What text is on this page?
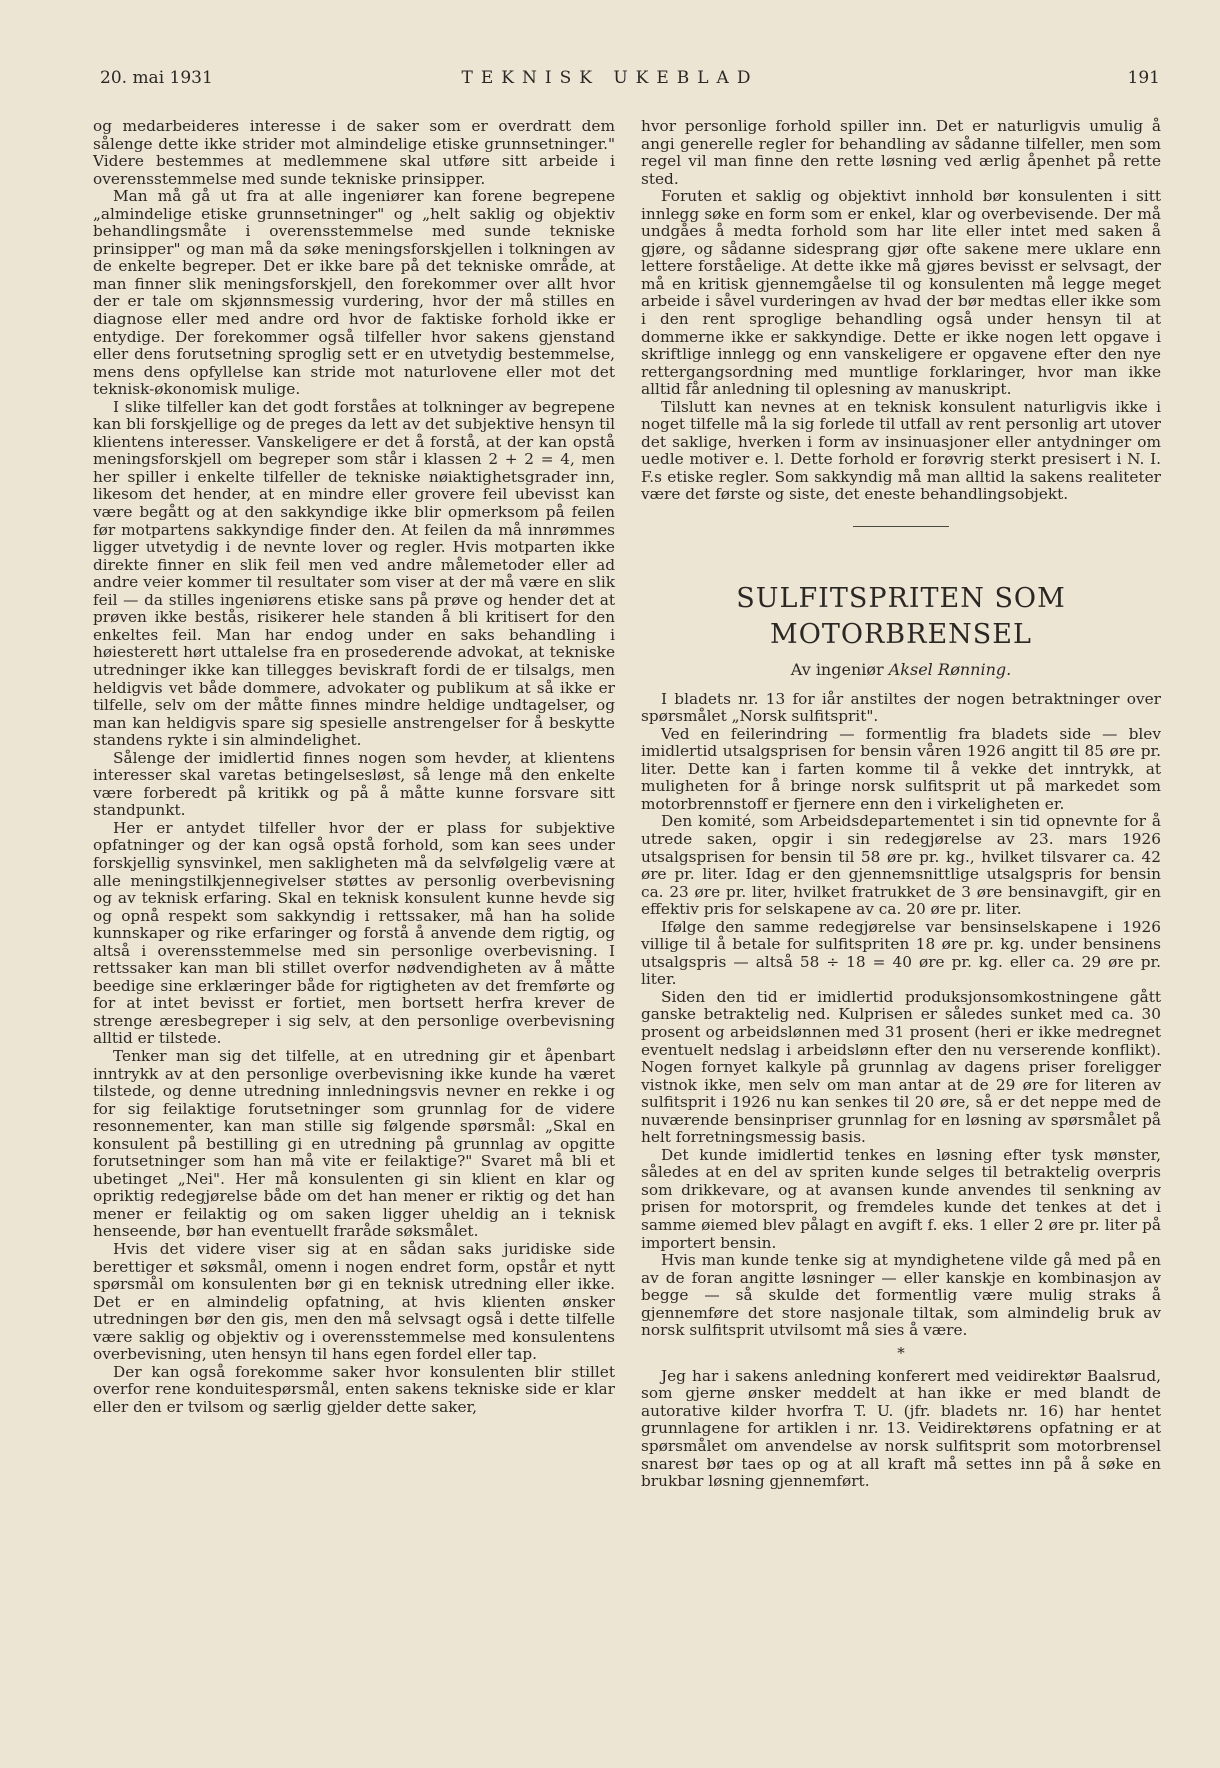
20. mai 1931	TEKNISK UKEBLAD	191

og medarbeideres interesse i de saker som er overdratt dem sålenge dette ikke strider mot almindelige etiske grunnsetninger." Videre bestemmes at medlemmene skal utføre sitt arbeide i overensstemmelse med sunde tekniske prinsipper.

Man må gå ut fra at alle ingeniører kan forene begrepene „almindelige etiske grunnsetninger" og „helt saklig og objektiv behandlingsmåte i overensstemmelse med sunde tekniske prinsipper" og man må da søke meningsforskjellen i tolkningen av de enkelte begreper. Det er ikke bare på det tekniske område, at man finner slik meningsforskjell, den forekommer over allt hvor der er tale om skjønnsmessig vurdering, hvor der må stilles en diagnose eller med andre ord hvor de faktiske forhold ikke er entydige. Der forekommer også tilfeller hvor sakens gjenstand eller dens forutsetning sproglig sett er en utvetydig bestemmelse, mens dens opfyllelse kan stride mot naturlovene eller mot det teknisk-økonomisk mulige.

I slike tilfeller kan det godt forståes at tolkninger av begrepene kan bli forskjellige og de preges da lett av det subjektive hensyn til klientens interesser. Vanskeligere er det å forstå, at der kan opstå meningsforskjell om begreper som står i klassen 2 + 2 = 4, men her spiller i enkelte tilfeller de tekniske nøiaktighetsgrader inn, likesom det hender, at en mindre eller grovere feil ubevisst kan være begått og at den sakkyndige ikke blir opmerksom på feilen før motpartens sakkyndige finder den. At feilen da må innrømmes ligger utvetydig i de nevnte lover og regler. Hvis motparten ikke direkte finner en slik feil men ved andre målemetoder eller ad andre veier kommer til resultater som viser at der må være en slik feil — da stilles ingeniørens etiske sans på prøve og hender det at prøven ikke bestås, risikerer hele standen å bli kritisert for den enkeltes feil. Man har endog under en saks behandling i høiesterett hørt uttalelse fra en prosederende advokat, at tekniske utredninger ikke kan tillegges beviskraft fordi de er tilsalgs, men heldigvis vet både dommere, advokater og publikum at så ikke er tilfelle, selv om der måtte finnes mindre heldige undtagelser, og man kan heldigvis spare sig spesielle anstrengelser for å beskytte standens rykte i sin almindelighet.

Sålenge der imidlertid finnes nogen som hevder, at klientens interesser skal varetas betingelsesløst, så lenge må den enkelte være forberedt på kritikk og på å måtte kunne forsvare sitt standpunkt.

Her er antydet tilfeller hvor der er plass for subjektive opfatninger og der kan også opstå forhold, som kan sees under forskjellig synsvinkel, men sakligheten må da selvfølgelig være at alle meningstilkjennegivelser støttes av personlig overbevisning og av teknisk erfaring. Skal en teknisk konsulent kunne hevde sig og opnå respekt som sakkyndig i rettssaker, må han ha solide kunnskaper og rike erfaringer og forstå å anvende dem rigtig, og altså i overensstemmelse med sin personlige overbevisning. I rettssaker kan man bli stillet overfor nødvendigheten av å måtte beedige sine erklæringer både for rigtigheten av det fremførte og for at intet bevisst er fortiet, men bortsett herfra krever de strenge æresbegreper i sig selv, at den personlige overbevisning alltid er tilstede.

Tenker man sig det tilfelle, at en utredning gir et åpenbart inntrykk av at den personlige overbevisning ikke kunde ha været tilstede, og denne utredning innledningsvis nevner en rekke i og for sig feilaktige forutsetninger som grunnlag for de videre resonnementer, kan man stille sig følgende spørsmål: „Skal en konsulent på bestilling gi en utredning på grunnlag av opgitte forutsetninger som han må vite er feilaktige?" Svaret må bli et ubetinget „Nei". Her må konsulenten gi sin klient en klar og opriktig redegjørelse både om det han mener er riktig og det han mener er feilaktig og om saken ligger uheldig an i teknisk henseende, bør han eventuellt fraråde søksmålet.

Hvis det videre viser sig at en sådan saks juridiske side berettiger et søksmål, omenn i nogen endret form, opstår et nytt spørsmål om konsulenten bør gi en teknisk utredning eller ikke. Det er en almindelig opfatning, at hvis klienten ønsker utredningen bør den gis, men den må selvsagt også i dette tilfelle være saklig og objektiv og i overensstemmelse med konsulentens overbevisning, uten hensyn til hans egen fordel eller tap.

Der kan også forekomme saker hvor konsulenten blir stillet overfor rene konduitespørsmål, enten sakens tekniske side er klar eller den er tvilsom og særlig gjelder dette saker,

hvor personlige forhold spiller inn. Det er naturligvis umulig å angi generelle regler for behandling av sådanne tilfeller, men som regel vil man finne den rette løsning ved ærlig åpenhet på rette sted.

Foruten et saklig og objektivt innhold bør konsulenten i sitt innlegg søke en form som er enkel, klar og overbevisende. Der må undgåes å medta forhold som har lite eller intet med saken å gjøre, og sådanne sidesprang gjør ofte sakene mere uklare enn lettere forståelige. At dette ikke må gjøres bevisst er selvsagt, der må en kritisk gjennemgåelse til og konsulenten må legge meget arbeide i såvel vurderingen av hvad der bør medtas eller ikke som i den rent sproglige behandling også under hensyn til at dommerne ikke er sakkyndige. Dette er ikke nogen lett opgave i skriftlige innlegg og enn vanskeligere er opgavene efter den nye rettergangsordning med muntlige forklaringer, hvor man ikke alltid får anledning til oplesning av manuskript.

Tilslutt kan nevnes at en teknisk konsulent naturligvis ikke i noget tilfelle må la sig forlede til utfall av rent personlig art utover det saklige, hverken i form av insinuasjoner eller antydninger om uedle motiver e. l. Dette forhold er forøvrig sterkt presisert i N. I. F.s etiske regler. Som sakkyndig må man alltid la sakens realiteter være det første og siste, det eneste behandlingsobjekt.

SULFITSPRITEN SOM MOTORBRENSEL
Av ingeniør Aksel Rønning.

I bladets nr. 13 for iår anstiltes der nogen betraktninger over spørsmålet „Norsk sulfitsprit".

Ved en feilerindring — formentlig fra bladets side — blev imidlertid utsalgsprisen for bensin våren 1926 angitt til 85 øre pr. liter. Dette kan i farten komme til å vekke det inntrykk, at muligheten for å bringe norsk sulfitsprit ut på markedet som motorbrennstoff er fjernere enn den i virkeligheten er.

Den komité, som Arbeidsdepartementet i sin tid opnevnte for å utrede saken, opgir i sin redegjørelse av 23. mars 1926 utsalgsprisen for bensin til 58 øre pr. kg., hvilket tilsvarer ca. 42 øre pr. liter. Idag er den gjennemsnittlige utsalgspris for bensin ca. 23 øre pr. liter, hvilket fratrukket de 3 øre bensinavgift, gir en effektiv pris for selskapene av ca. 20 øre pr. liter.

Ifølge den samme redegjørelse var bensinselskapene i 1926 villige til å betale for sulfitspriten 18 øre pr. kg. under bensinens utsalgspris — altså 58 ÷ 18 = 40 øre pr. kg. eller ca. 29 øre pr. liter.

Siden den tid er imidlertid produksjonsomkostningene gått ganske betraktelig ned. Kulprisen er således sunket med ca. 30 prosent og arbeidslønnen med 31 prosent (heri er ikke medregnet eventuelt nedslag i arbeidslønn efter den nu verserende konflikt). Nogen fornyet kalkyle på grunnlag av dagens priser foreligger vistnok ikke, men selv om man antar at de 29 øre for literen av sulfitsprit i 1926 nu kan senkes til 20 øre, så er det neppe med de nuværende bensinpriser grunnlag for en løsning av spørsmålet på helt forretningsmessig basis.

Det kunde imidlertid tenkes en løsning efter tysk mønster, således at en del av spriten kunde selges til betraktelig overpris som drikkevare, og at avansen kunde anvendes til senkning av prisen for motorsprit, og fremdeles kunde det tenkes at det i samme øiemed blev pålagt en avgift f. eks. 1 eller 2 øre pr. liter på importert bensin.

Hvis man kunde tenke sig at myndighetene vilde gå med på en av de foran angitte løsninger — eller kanskje en kombinasjon av begge — så skulde det formentlig være mulig straks å gjennemføre det store nasjonale tiltak, som almindelig bruk av norsk sulfitsprit utvilsomt må sies å være.

*

Jeg har i sakens anledning konferert med veidirektør Baalsrud, som gjerne ønsker meddelt at han ikke er med blandt de autorative kilder hvorfra T. U. (jfr. bladets nr. 16) har hentet grunnlagene for artiklen i nr. 13. Veidirektørens opfatning er at spørsmålet om anvendelse av norsk sulfitsprit som motorbrensel snarest bør taes op og at all kraft må settes inn på å søke en brukbar løsning gjennemført.
